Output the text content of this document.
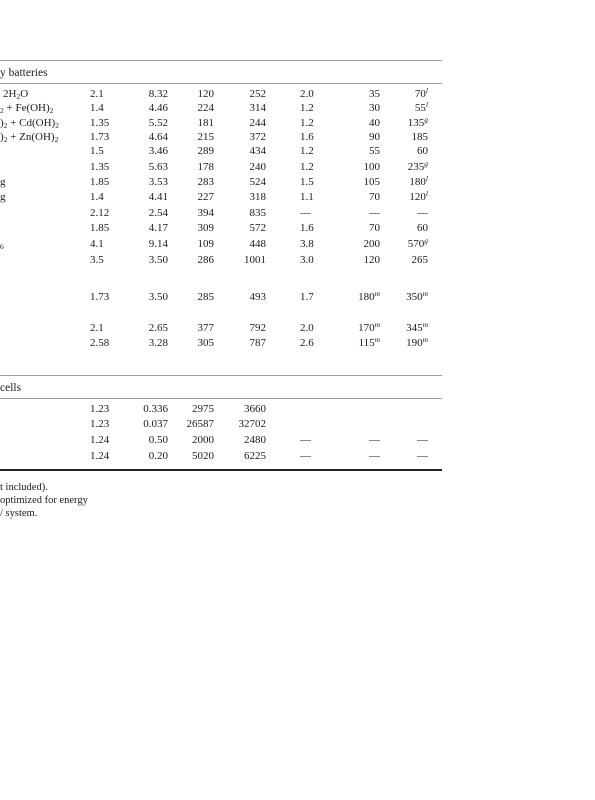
y batteries
$2H_2O$	2.1	8.32	120	252	2.0	35	70$^l$
$_2 + Fe(OH)_2$	1.4	4.46	224	314	1.2	30	55$^l$
)$_2 + Cd(OH)_2$	1.35	5.52	181	244	1.2	40	135$^g$
)$_2 + Zn(OH)_2$	1.73	4.64	215	372	1.6	90	185
1.5	3.46	289	434	1.2	55	60
1.35	5.63	178	240	1.2	100	235$^g$
g	1.85	3.53	283	524	1.5	105	180$^l$
g	1.4	4.41	227	318	1.1	70	120$^l$
2.12	2.54	394	835	—	—	—
1.85	4.17	309	572	1.6	70	60
$_6$	4.1	9.14	109	448	3.8	200	570$^g$
3.5	3.50	286	1001	3.0	120	265
1.73	3.50	285	493	1.7	180$^m$	350$^m$
2.1	2.65	377	792	2.0	170$^m$	345$^m$
2.58	3.28	305	787	2.6	115$^m$	190$^m$
cells
1.23	0.336	2975	3660
1.23	0.037	26587	32702
1.24	0.50	2000	2480	—	—	—
1.24	0.20	5020	6225	—	—	—
t included).
optimized for energy
/ system.
